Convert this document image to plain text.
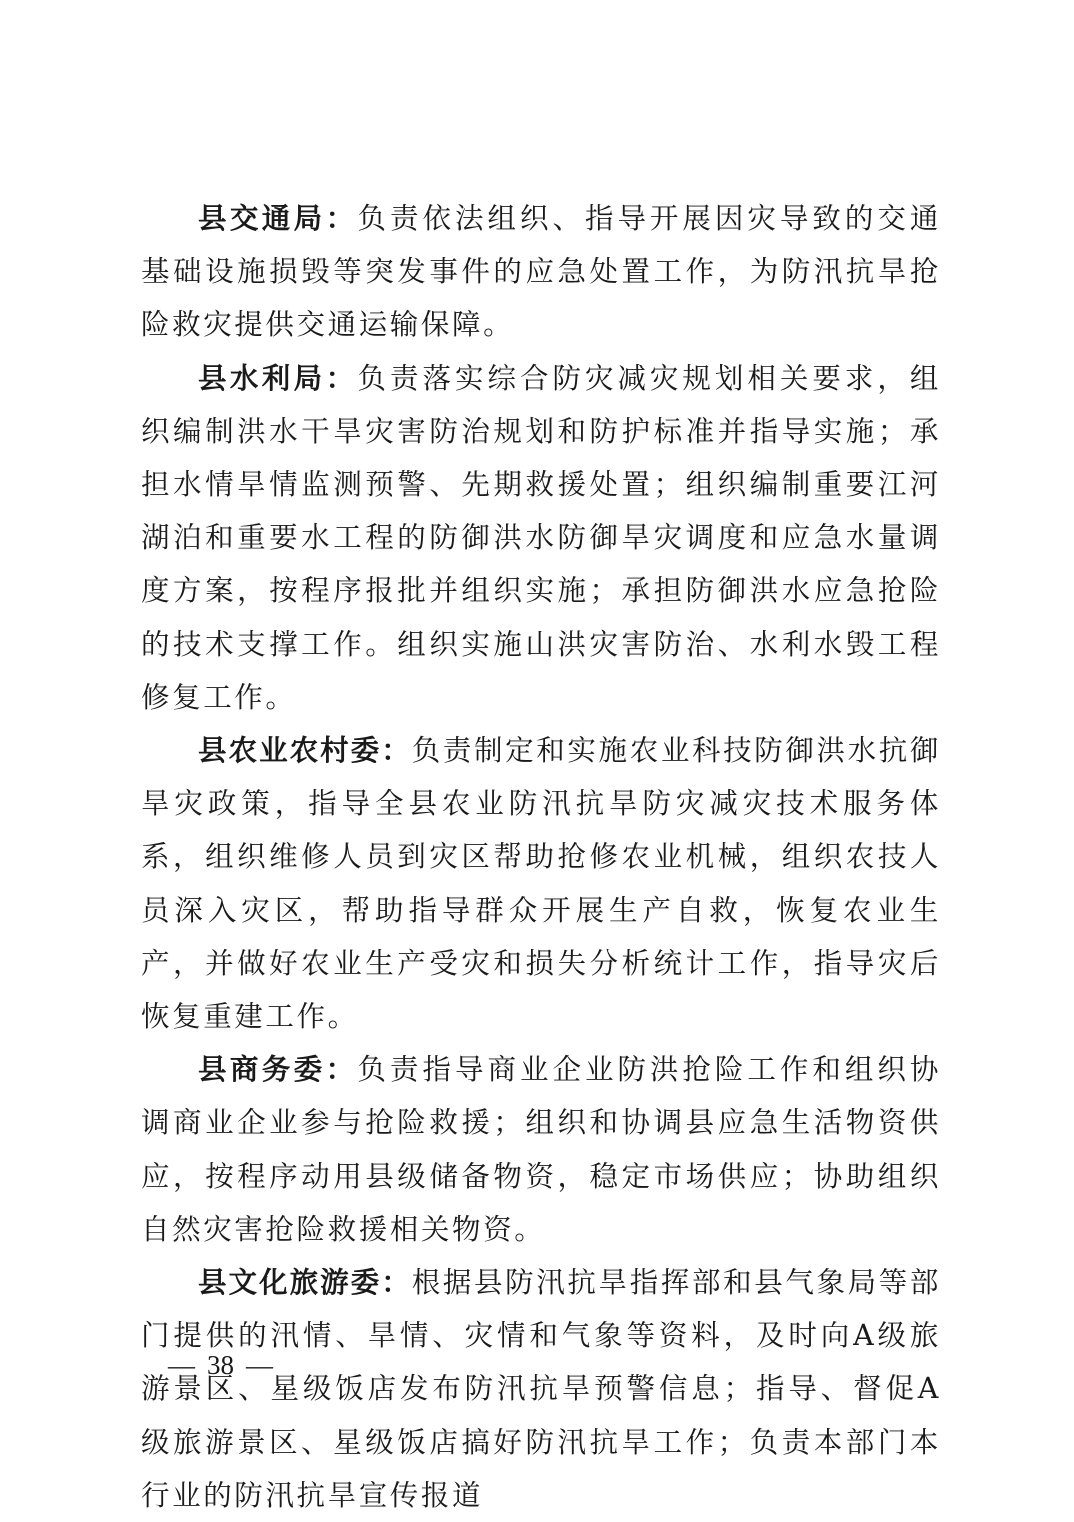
县交通局：负责依法组织、指导开展因灾导致的交通基础设施损毁等突发事件的应急处置工作，为防汛抗旱抢险救灾提供交通运输保障。

县水利局：负责落实综合防灾减灾规划相关要求，组织编制洪水干旱灾害防治规划和防护标准并指导实施；承担水情旱情监测预警、先期救援处置；组织编制重要江河湖泊和重要水工程的防御洪水防御旱灾调度和应急水量调度方案，按程序报批并组织实施；承担防御洪水应急抢险的技术支撑工作。组织实施山洪灾害防治、水利水毁工程修复工作。

县农业农村委：负责制定和实施农业科技防御洪水抗御旱灾政策，指导全县农业防汛抗旱防灾减灾技术服务体系，组织维修人员到灾区帮助抢修农业机械，组织农技人员深入灾区，帮助指导群众开展生产自救，恢复农业生产，并做好农业生产受灾和损失分析统计工作，指导灾后恢复重建工作。

县商务委：负责指导商业企业防洪抢险工作和组织协调商业企业参与抢险救援；组织和协调县应急生活物资供应，按程序动用县级储备物资，稳定市场供应；协助组织自然灾害抢险救援相关物资。

县文化旅游委：根据县防汛抗旱指挥部和县气象局等部门提供的汛情、旱情、灾情和气象等资料，及时向A级旅游景区、星级饭店发布防汛抗旱预警信息；指导、督促A级旅游景区、星级饭店搞好防汛抗旱工作；负责本部门本行业的防汛抗旱宣传报道

— 38 —
